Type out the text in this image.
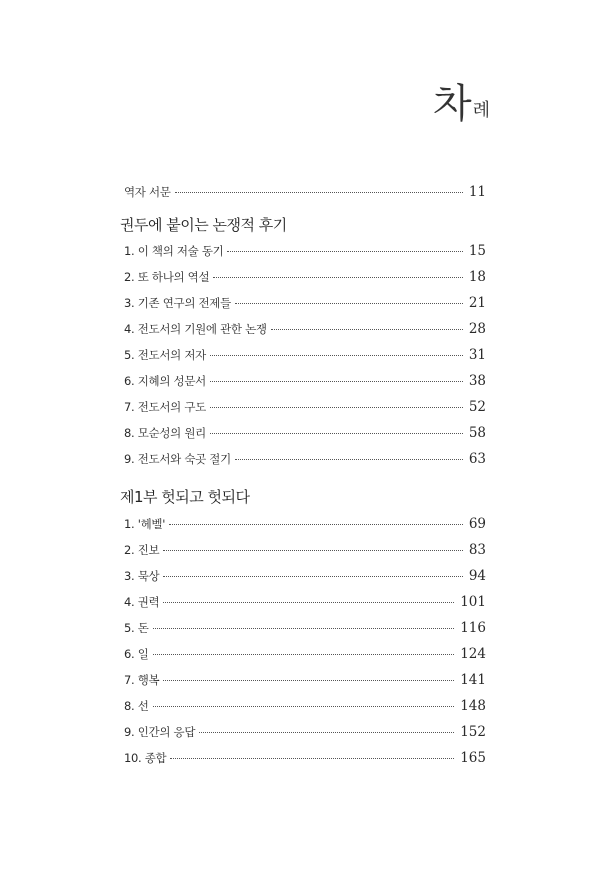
차 례
역자 서문	11
권두에 붙이는 논쟁적 후기
1. 이 책의 저술 동기	15
2. 또 하나의 역설	18
3. 기존 연구의 전제들	21
4. 전도서의 기원에 관한 논쟁	28
5. 전도서의 저자	31
6. 지혜의 성문서	38
7. 전도서의 구도	52
8. 모순성의 원리	58
9. 전도서와 숙곳 절기	63
제1부 헛되고 헛되다
1. '헤벨'	69
2. 진보	83
3. 묵상	94
4. 권력	101
5. 돈	116
6. 일	124
7. 행복	141
8. 선	148
9. 인간의 응답	152
10. 종합	165
